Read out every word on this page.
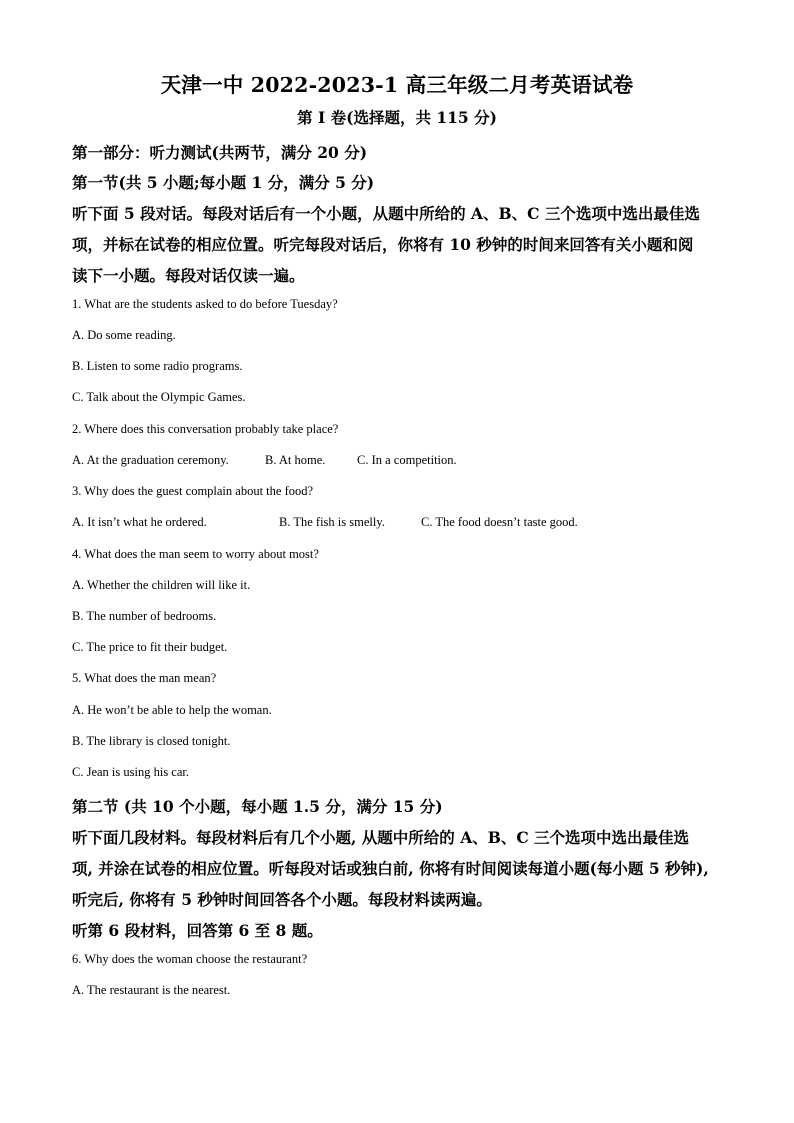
天津一中 2022-2023-1 高三年级二月考英语试卷
第 I 卷(选择题，共 115 分)
第一部分：听力测试(共两节，满分 20 分)
第一节(共 5 小题;每小题 1 分，满分 5 分)
听下面 5 段对话。每段对话后有一个小题，从题中所给的 A、B、C 三个选项中选出最佳选
项，并标在试卷的相应位置。听完每段对话后，你将有 10 秒钟的时间来回答有关小题和阅
读下一小题。每段对话仅读一遍。
1. What are the students asked to do before Tuesday?
A. Do some reading.
B. Listen to some radio programs.
C. Talk about the Olympic Games.
2. Where does this conversation probably take place?
A. At the graduation ceremony.	B. At home.	C. In a competition.
3. Why does the guest complain about the food?
A. It isn’t what he ordered.	B. The fish is smelly.	C. The food doesn’t taste good.
4. What does the man seem to worry about most?
A. Whether the children will like it.
B. The number of bedrooms.
C. The price to fit their budget.
5. What does the man mean?
A. He won’t be able to help the woman.
B. The library is closed tonight.
C. Jean is using his car.
第二节 (共 10 个小题，每小题 1.5 分，满分 15 分)
听下面几段材料。每段材料后有几个小题, 从题中所给的 A、B、C 三个选项中选出最佳选
项, 并涂在试卷的相应位置。听每段对话或独白前, 你将有时间阅读每道小题(每小题 5 秒钟),
听完后, 你将有 5 秒钟时间回答各个小题。每段材料读两遍。
听第 6 段材料，回答第 6 至 8 题。
6. Why does the woman choose the restaurant?
A. The restaurant is the nearest.
